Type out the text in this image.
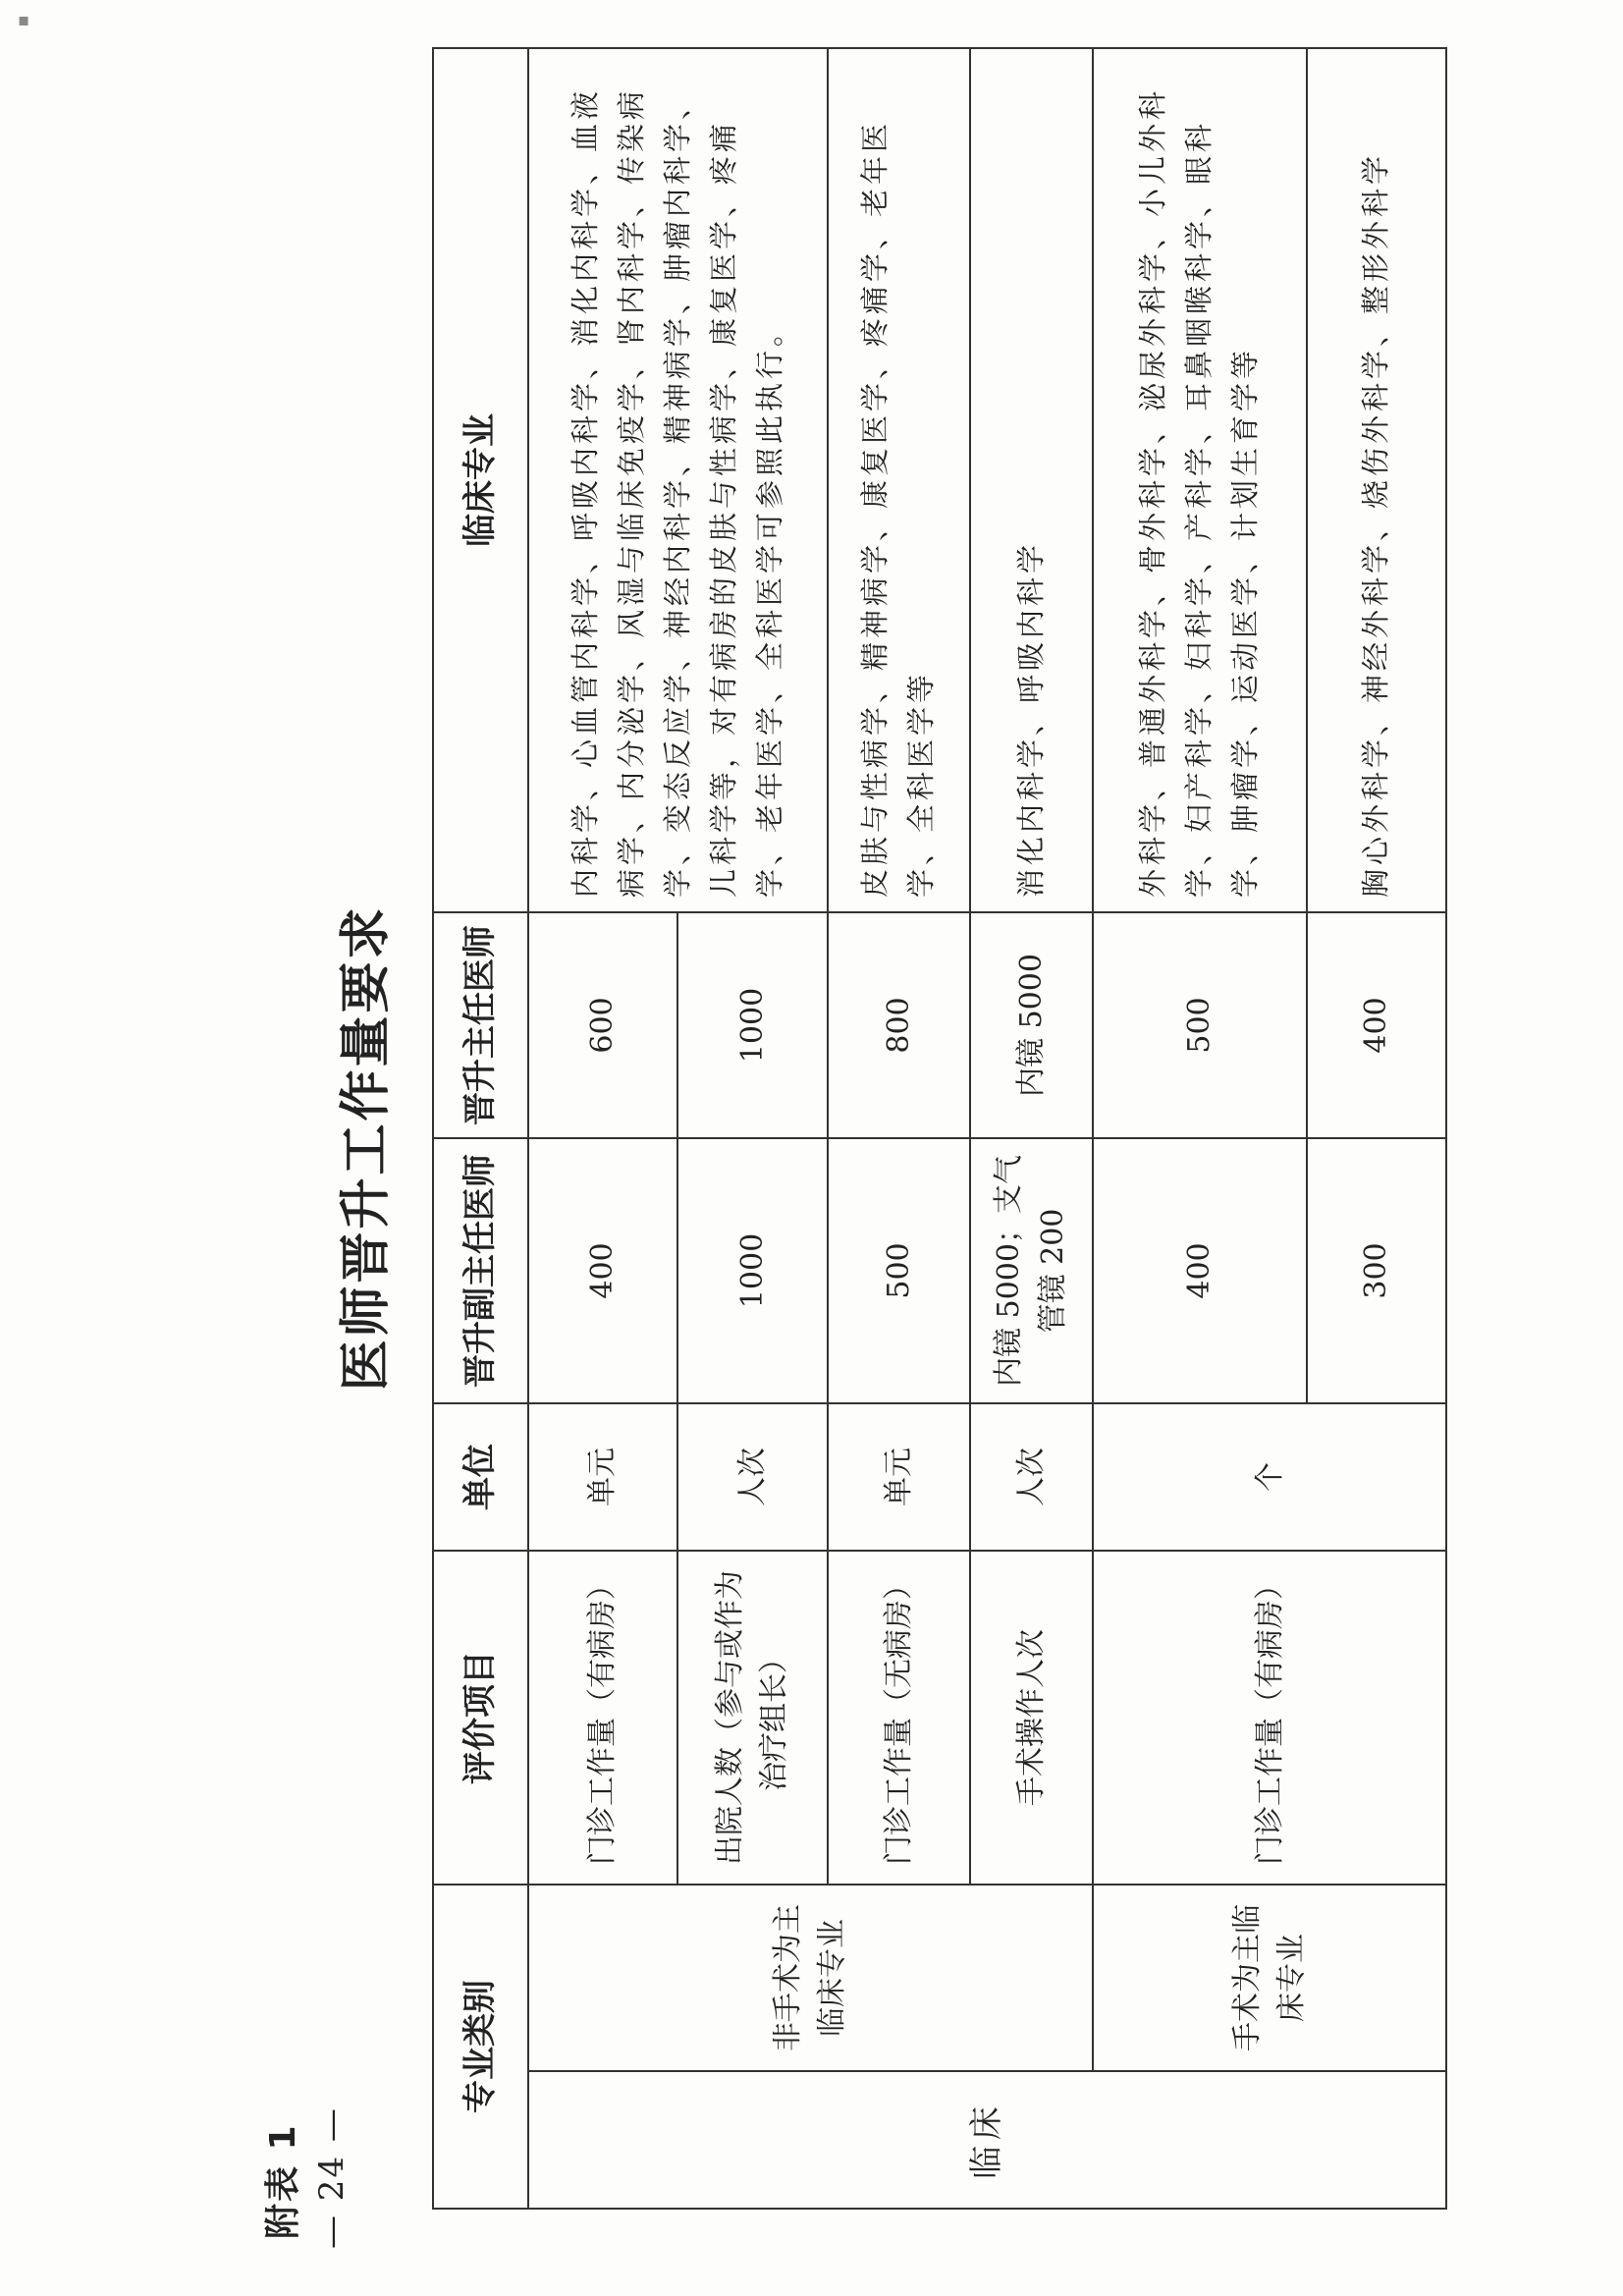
▪
附表 1 — 24 —
医师晋升工作量要求
专业类别		评价项目	单位	晋升副主任医师	晋升主任医师	临床专业
临床	非手术为主临床专业	门诊工作量（有病房）	单元	400	600	内科学、心血管内科学、呼吸内科学、消化内科学、血液病学、内分泌学、风湿与临床免疫学、肾内科学、传染病学、变态反应学、神经内科学、精神病学、肿瘤内科学、儿科学等，对有病房的皮肤与性病学、康复医学、疼痛学、老年医学、全科医学可参照此执行。
		出院人数（参与或作为治疗组长）	人次	1000	1000	
		门诊工作量（无病房）	单元	500	800	皮肤与性病学、精神病学、康复医学、疼痛学、老年医学、全科医学等
		手术操作人次	人次	内镜 5000；支气管镜 200	内镜 5000	消化内科学、呼吸内科学
	手术为主临床专业	门诊工作量（有病房）	个	400	500	外科学、普通外科学、骨外科学、泌尿外科学、小儿外科学、妇产科学、妇科学、产科学、耳鼻咽喉科学、眼科学、肿瘤学、运动医学、计划生育学等
				300	400	胸心外科学、神经外科学、烧伤外科学、整形外科学
